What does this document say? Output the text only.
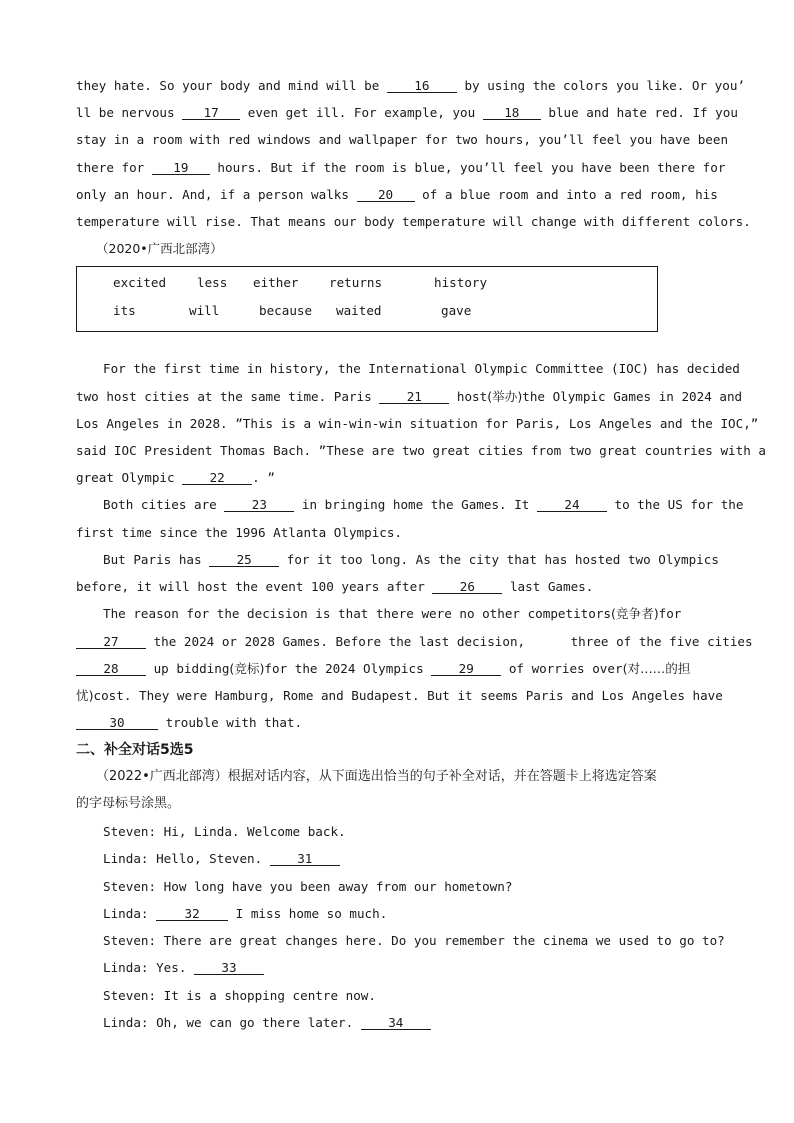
they hate. So your body and mind will be 16 by using the colors you like. Or you’
ll be nervous 17 even get ill. For example, you 18 blue and hate red. If you
stay in a room with red windows and wallpaper for two hours, you’ll feel you have been
there for 19 hours. But if the room is blue, you’ll feel you have been there for
only an hour. And, if a person walks 20 of a blue room and into a red room, his
temperature will rise. That means our body temperature will change with different colors.
（2020•广西北部湾）
excited less either returns	history
its	will	because waited	gave
For the first time in history, the International Olympic Committee (IOC) has decided
two host cities at the same time. Paris 21 host(举办)the Olympic Games in 2024 and
Los Angeles in 2028. ”This is a win-win-win situation for Paris, Los Angeles and the IOC,”
said IOC President Thomas Bach. ”These are two great cities from two great countries with a
great Olympic 22 . ”
Both cities are 23 in bringing home the Games. It 24 to the US for the
first time since the 1996 Atlanta Olympics.
But Paris has 25 for it too long. As the city that has hosted two Olympics
before, it will host the event 100 years after 26 last Games.
The reason for the decision is that there were no other competitors(竞争者)for
27 the 2024 or 2028 Games. Before the last decision,      three of the five cities
28 up bidding(竞标)for the 2024 Olympics 29 of worries over(对……的担
忧)cost. They were Hamburg, Rome and Budapest. But it seems Paris and Los Angeles have
30	trouble with that.
二、补全对话5选5
（2022•广西北部湾）根据对话内容，从下面选出恰当的句子补全对话，并在答题卡上将选定答案
的字母标号涂黑。
Steven: Hi, Linda. Welcome back.
Linda: Hello, Steven. 31
Steven: How long have you been away from our hometown?
Linda: 32 I miss home so much.
Steven: There are great changes here. Do you remember the cinema we used to go to?
Linda: Yes. 33
Steven: It is a shopping centre now.
Linda: Oh, we can go there later. 34
